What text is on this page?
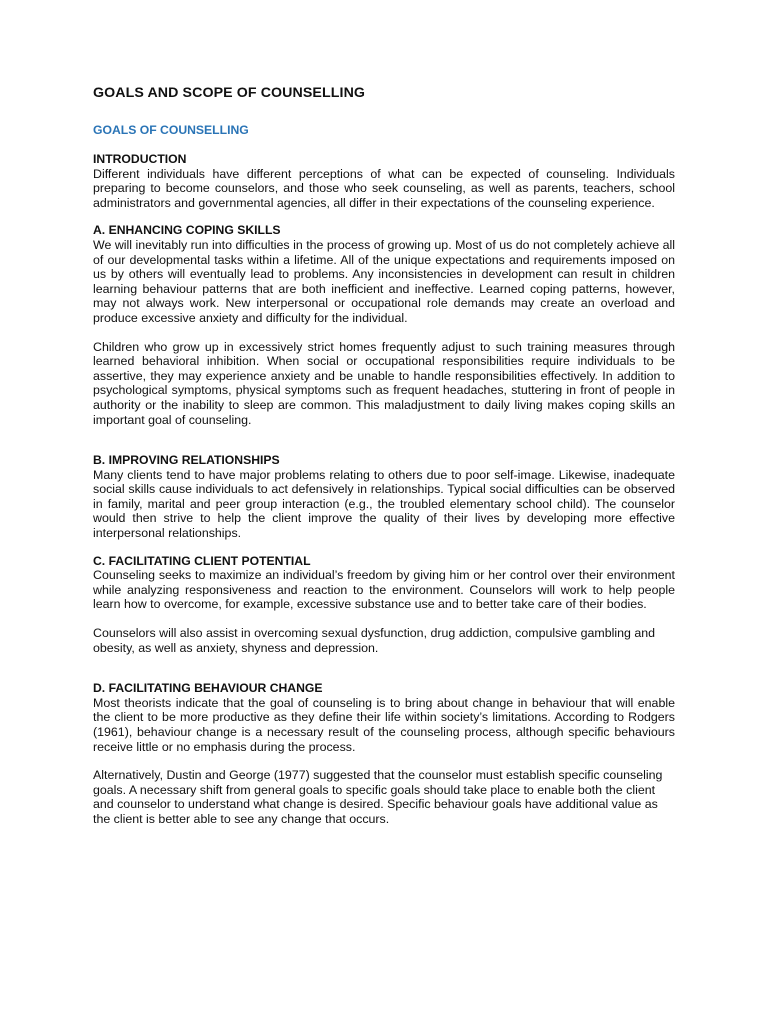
GOALS AND SCOPE OF COUNSELLING
GOALS OF COUNSELLING
INTRODUCTION

Different individuals have different perceptions of what can be expected of counseling. Individuals preparing to become counselors, and those who seek counseling, as well as parents, teachers, school administrators and governmental agencies, all differ in their expectations of the counseling experience.

A. ENHANCING COPING SKILLS

We will inevitably run into difficulties in the process of growing up. Most of us do not completely achieve all of our developmental tasks within a lifetime. All of the unique expectations and requirements imposed on us by others will eventually lead to problems. Any inconsistencies in development can result in children learning behaviour patterns that are both inefficient and ineffective. Learned coping patterns, however, may not always work. New interpersonal or occupational role demands may create an overload and produce excessive anxiety and difficulty for the individual.

Children who grow up in excessively strict homes frequently adjust to such training measures through learned behavioral inhibition. When social or occupational responsibilities require individuals to be assertive, they may experience anxiety and be unable to handle responsibilities effectively. In addition to psychological symptoms, physical symptoms such as frequent headaches, stuttering in front of people in authority or the inability to sleep are common. This maladjustment to daily living makes coping skills an important goal of counseling.

B. IMPROVING RELATIONSHIPS

Many clients tend to have major problems relating to others due to poor self-image. Likewise, inadequate social skills cause individuals to act defensively in relationships. Typical social difficulties can be observed in family, marital and peer group interaction (e.g., the troubled elementary school child). The counselor would then strive to help the client improve the quality of their lives by developing more effective interpersonal relationships.

C. FACILITATING CLIENT POTENTIAL

Counseling seeks to maximize an individual’s freedom by giving him or her control over their environment while analyzing responsiveness and reaction to the environment. Counselors will work to help people learn how to overcome, for example, excessive substance use and to better take care of their bodies.

Counselors will also assist in overcoming sexual dysfunction, drug addiction, compulsive gambling and obesity, as well as anxiety, shyness and depression.

D. FACILITATING BEHAVIOUR CHANGE

Most theorists indicate that the goal of counseling is to bring about change in behaviour that will enable the client to be more productive as they define their life within society’s limitations. According to Rodgers (1961), behaviour change is a necessary result of the counseling process, although specific behaviours receive little or no emphasis during the process.

Alternatively, Dustin and George (1977) suggested that the counselor must establish specific counseling goals. A necessary shift from general goals to specific goals should take place to enable both the client and counselor to understand what change is desired. Specific behaviour goals have additional value as the client is better able to see any change that occurs.
